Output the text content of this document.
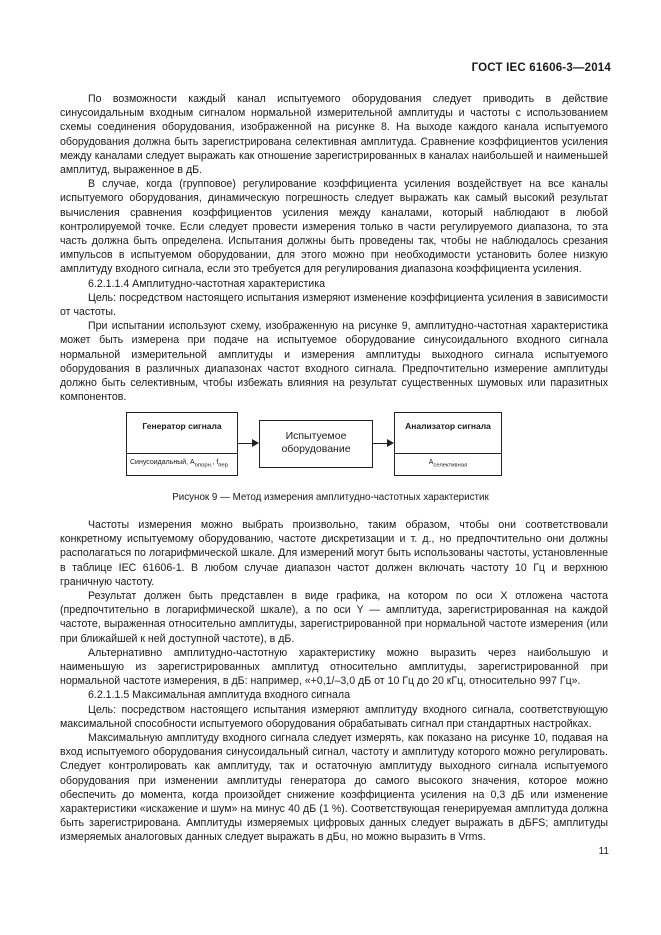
ГОСТ IEC 61606-3—2014

По возможности каждый канал испытуемого оборудования следует приводить в действие синусоидальным входным сигналом нормальной измерительной амплитуды и частоты с использованием схемы соединения оборудования, изображенной на рисунке 8. На выходе каждого канала испытуемого оборудования должна быть зарегистрирована селективная амплитуда. Сравнение коэффициентов усиления между каналами следует выражать как отношение зарегистрированных в каналах наибольшей и наименьшей амплитуд, выраженное в дБ.

В случае, когда (групповое) регулирование коэффициента усиления воздействует на все каналы испытуемого оборудования, динамическую погрешность следует выражать как самый высокий результат вычисления сравнения коэффициентов усиления между каналами, который наблюдают в любой контролируемой точке. Если следует провести измерения только в части регулируемого диапазона, то эта часть должна быть определена. Испытания должны быть проведены так, чтобы не наблюдалось срезания импульсов в испытуемом оборудовании, для этого можно при необходимости установить более низкую амплитуду входного сигнала, если это требуется для регулирования диапазона коэффициента усиления.

6.2.1.1.4 Амплитудно-частотная характеристика

Цель: посредством настоящего испытания измеряют изменение коэффициента усиления в зависимости от частоты.

При испытании используют схему, изображенную на рисунке 9, амплитудно-частотная характеристика может быть измерена при подаче на испытуемое оборудование синусоидального входного сигнала нормальной измерительной амплитуды и измерения амплитуды выходного сигнала испытуемого оборудования в различных диапазонах частот входного сигнала. Предпочтительно измерение амплитуды должно быть селективным, чтобы избежать влияния на результат существенных шумовых или паразитных компонентов.

Генератор сигнала
Синусоидальный, $A_{опорн.}$, $f_{пер}$
Испытуемое оборудование
Анализатор сигнала
$A_{селективная}$
Рисунок 9 — Метод измерения амплитудно-частотных характеристик

Частоты измерения можно выбрать произвольно, таким образом, чтобы они соответствовали конкретному испытуемому оборудованию, частоте дискретизации и т. д., но предпочтительно они должны располагаться по логарифмической шкале. Для измерений могут быть использованы частоты, установленные в таблице IEC 61606-1. В любом случае диапазон частот должен включать частоту 10 Гц и верхнюю граничную частоту.

Результат должен быть представлен в виде графика, на котором по оси X отложена частота (предпочтительно в логарифмической шкале), а по оси Y — амплитуда, зарегистрированная на каждой частоте, выраженная относительно амплитуды, зарегистрированной при нормальной частоте измерения (или при ближайшей к ней доступной частоте), в дБ.

Альтернативно амплитудно-частотную характеристику можно выразить через наибольшую и наименьшую из зарегистрированных амплитуд относительно амплитуды, зарегистрированной при нормальной частоте измерения, в дБ: например, «+0,1/–3,0 дБ от 10 Гц до 20 кГц, относительно 997 Гц».

6.2.1.1.5 Максимальная амплитуда входного сигнала

Цель: посредством настоящего испытания измеряют амплитуду входного сигнала, соответствующую максимальной способности испытуемого оборудования обрабатывать сигнал при стандартных настройках.

Максимальную амплитуду входного сигнала следует измерять, как показано на рисунке 10, подавая на вход испытуемого оборудования синусоидальный сигнал, частоту и амплитуду которого можно регулировать. Следует контролировать как амплитуду, так и остаточную амплитуду выходного сигнала испытуемого оборудования при изменении амплитуды генератора до самого высокого значения, которое можно обеспечить до момента, когда произойдет снижение коэффициента усиления на 0,3 дБ или изменение характеристики «искажение и шум» на минус 40 дБ (1 %). Соответствующая генерируемая амплитуда должна быть зарегистрирована. Амплитуды измеряемых цифровых данных следует выражать в дБFS; амплитуды измеряемых аналоговых данных следует выражать в дБu, но можно выразить в Vrms.

11
